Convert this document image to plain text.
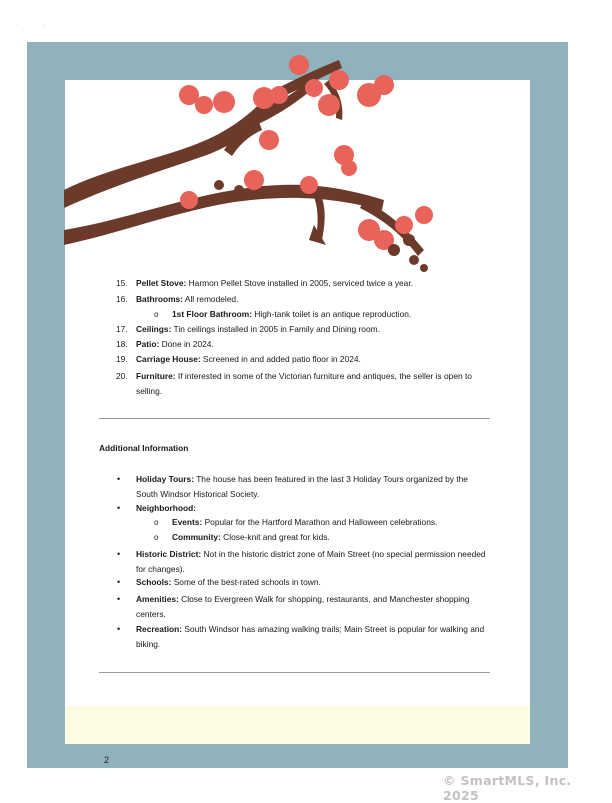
·               ,
15. Pellet Stove: Harmon Pellet Stove installed in 2005, serviced twice a year.
16. Bathrooms: All remodeled.
o 1st Floor Bathroom: High-tank toilet is an antique reproduction.
17. Ceilings: Tin ceilings installed in 2005 in Family and Dining room.
18. Patio: Done in 2024.
19. Carriage House: Screened in and added patio floor in 2024.
20. Furniture: If interested in some of the Victorian furniture and antiques, the seller is open to selling.
Additional Information
• Holiday Tours: The house has been featured in the last 3 Holiday Tours organized by the South Windsor Historical Society.
• Neighborhood:
o Events: Popular for the Hartford Marathon and Halloween celebrations.
o Community: Close-knit and great for kids.
• Historic District: Not in the historic district zone of Main Street (no special permission needed for changes).
• Schools: Some of the best-rated schools in town.
• Amenities: Close to Evergreen Walk for shopping, restaurants, and Manchester shopping centers.
• Recreation: South Windsor has amazing walking trails; Main Street is popular for walking and biking.
2
© SmartMLS, Inc. 2025
